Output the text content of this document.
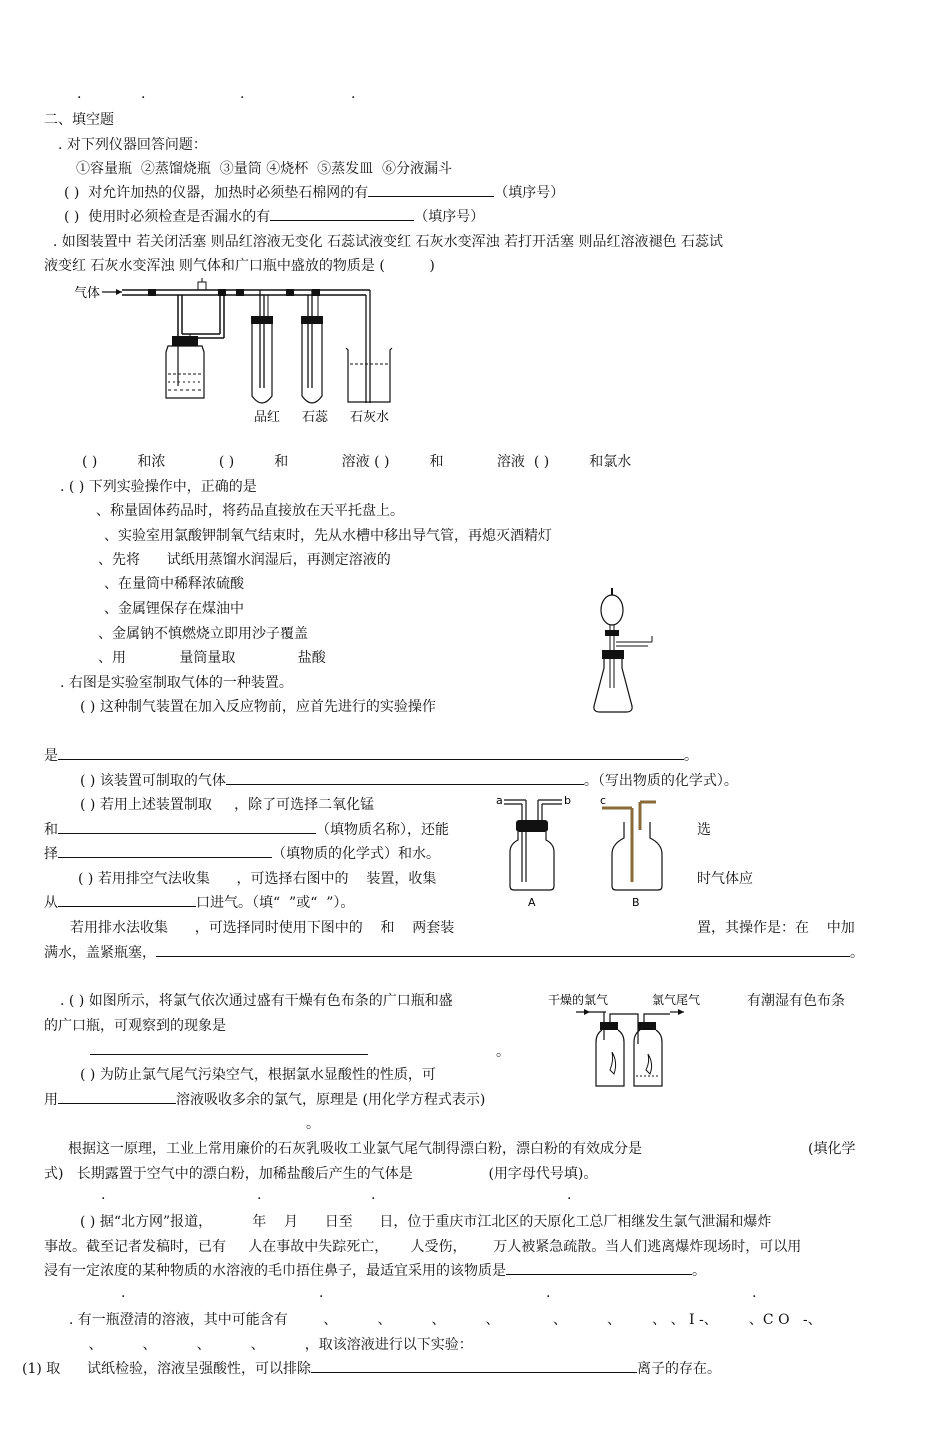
.	.	.	.
二、填空题
. 对下列仪器回答问题：
①容量瓶  ②蒸馏烧瓶  ③量筒 ④烧杯  ⑤蒸发皿  ⑥分液漏斗
( )  对允许加热的仪器，加热时必须垫石棉网的有	（填序号）
( )  使用时必须检查是否漏水的有	（填序号）
. 如图装置中 若关闭活塞 则品红溶液无变化 石蕊试液变红 石灰水变浑浊 若打开活塞 则品红溶液褪色 石蕊试
液变红 石灰水变浑浊 则气体和广口瓶中盛放的物质是 (          )
气体
品红 石蕊 石灰水
( )         和浓            ( )         和            溶液 ( )         和            溶液  ( )         和氯水
. ( ) 下列实验操作中，正确的是
、称量固体药品时，将药品直接放在天平托盘上。
、实验室用氯酸钾制氧气结束时，先从水槽中移出导气管，再熄灭酒精灯
、先将      试纸用蒸馏水润湿后，再测定溶液的
、在量筒中稀释浓硫酸
、金属锂保存在煤油中
、金属钠不慎燃烧立即用沙子覆盖
、用            量筒量取              盐酸
. 右图是实验室制取气体的一种装置。
( ) 这种制气装置在加入反应物前，应首先进行的实验操作
是	。
( ) 该装置可制取的气体	。（写出物质的化学式）。
( ) 若用上述装置制取     ，除了可选择二氧化锰
和	（填物质名称），还能	选
择	（填物质的化学式）和水。
( ) 若用排空气法收集      ，可选择右图中的    装置，收集	时气体应
从	口进气。（填“  ”或“  ”）。
若用排水法收集      ，可选择同时使用下图中的    和    两套装	置，其操作是：在    中加
满水，盖紧瓶塞，	。
a	b	c
A	B
. ( ) 如图所示，将氯气依次通过盛有干燥有色布条的广口瓶和盛	有潮湿有色布条
的广口瓶，可观察到的现象是
。
干燥的氯气	氯气尾气
( ) 为防止氯气尾气污染空气，根据氯水显酸性的性质，可
用	溶液吸收多余的氯气，原理是 (用化学方程式表示)
。
根据这一原理，工业上常用廉价的石灰乳吸收工业氯气尾气制得漂白粉，漂白粉的有效成分是	(填化学
式)   长期露置于空气中的漂白粉，加稀盐酸后产生的气体是                 (用字母代号填)。
.	.	.	.
( ) 据“北方网”报道，         年    月      日至      日，位于重庆市江北区的天原化工总厂相继发生氯气泄漏和爆炸
事故。截至记者发稿时，已有     人在事故中失踪死亡，     人受伤，      万人被紧急疏散。当人们逃离爆炸现场时，可以用
浸有一定浓度的某种物质的水溶液的毛巾捂住鼻子，最适宜采用的该物质是	。
.	.	.	.
. 有一瓶澄清的溶液，其中可能含有        、         、         、         、            、         、       、 、 I -、       、C O   -、
、         、         、         、         ，取该溶液进行以下实验：
(1) 取      试纸检验，溶液呈强酸性，可以排除	离子的存在。
